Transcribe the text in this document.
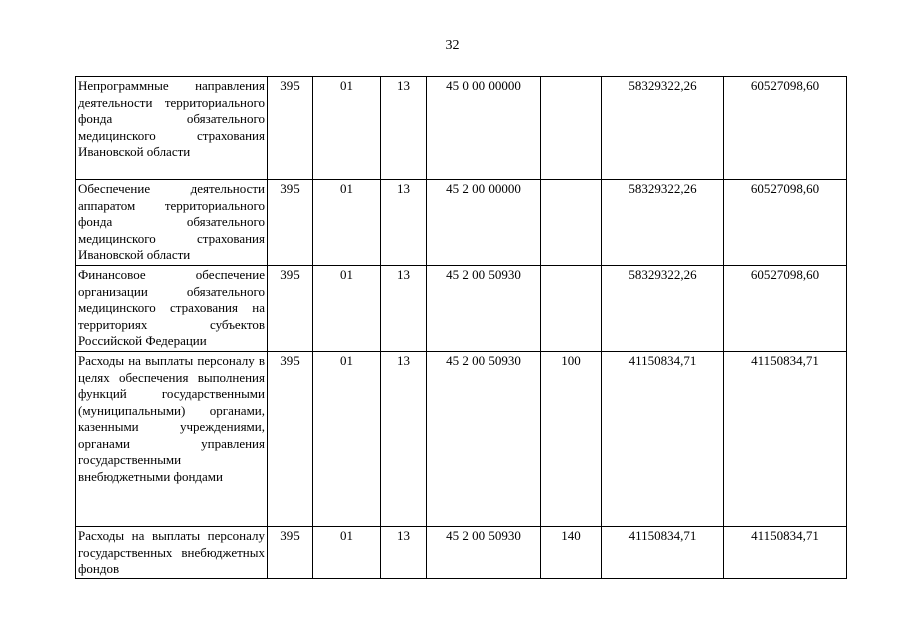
32
Непрограммные направления деятельности территориального фонда обязательного медицинского страхования Ивановской области	395	01	13	45 0 00 00000		58329322,26	60527098,60
Обеспечение деятельности аппаратом территориального фонда обязательного медицинского страхования Ивановской области	395	01	13	45 2 00 00000		58329322,26	60527098,60
Финансовое обеспечение организации обязательного медицинского страхования на территориях субъектов Российской Федерации	395	01	13	45 2 00 50930		58329322,26	60527098,60
Расходы на выплаты персоналу в целях обеспечения выполнения функций государственными (муниципальными) органами, казенными учреждениями, органами управления государственными внебюджетными фондами	395	01	13	45 2 00 50930	100	41150834,71	41150834,71
Расходы на выплаты персоналу государственных внебюджетных фондов	395	01	13	45 2 00 50930	140	41150834,71	41150834,71
